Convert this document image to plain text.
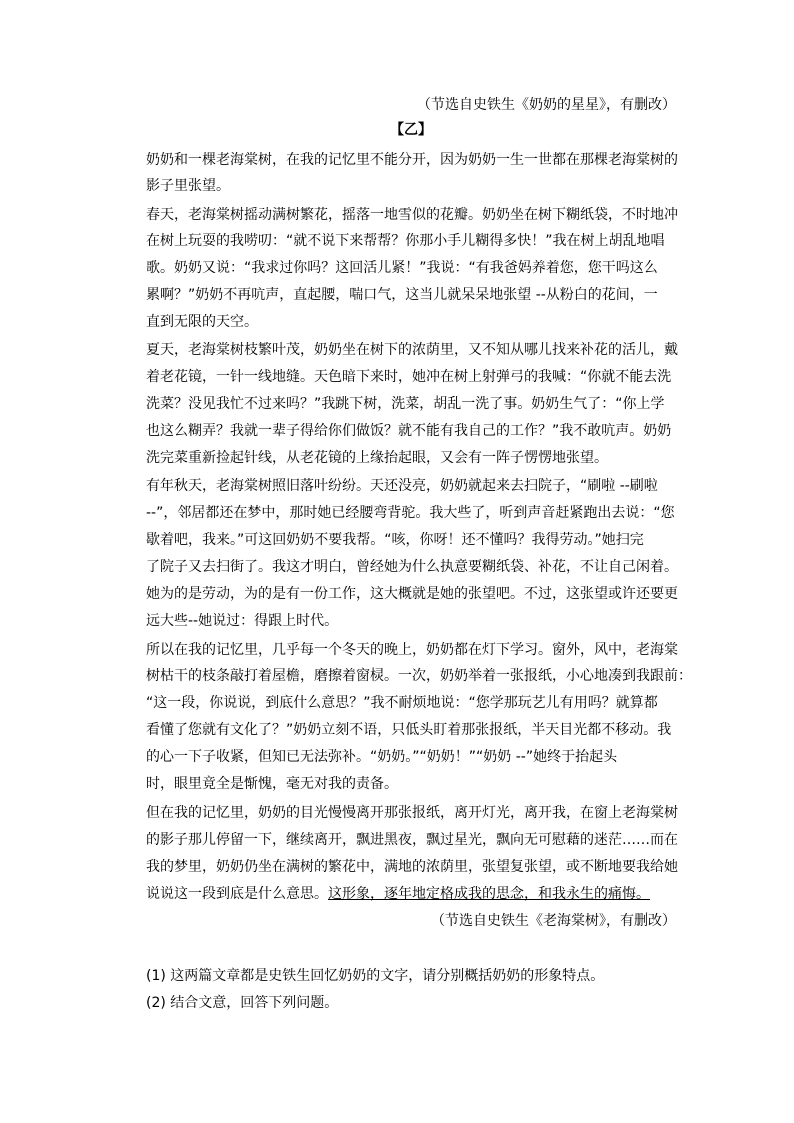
（节选自史铁生《奶奶的星星》，有删改）
【乙】
奶奶和一棵老海棠树，在我的记忆里不能分开，因为奶奶一生一世都在那棵老海棠树的
影子里张望。
春天，老海棠树摇动满树繁花，摇落一地雪似的花瓣。奶奶坐在树下糊纸袋，不时地冲
在树上玩耍的我唠叨：“就不说下来帮帮？你那小手儿糊得多快！”我在树上胡乱地唱
歌。奶奶又说：“我求过你吗？这回活儿紧！”我说：“有我爸妈养着您，您干吗这么
累啊？”奶奶不再吭声，直起腰，喘口气，这当儿就呆呆地张望 --从粉白的花间，一
直到无限的天空。
夏天，老海棠树枝繁叶茂，奶奶坐在树下的浓荫里，又不知从哪儿找来补花的活儿，戴
着老花镜，一针一线地缝。天色暗下来时，她冲在树上射弹弓的我喊：“你就不能去洗
洗菜？没见我忙不过来吗？”我跳下树，洗菜，胡乱一洗了事。奶奶生气了：“你上学
也这么糊弄？我就一辈子得给你们做饭？就不能有我自己的工作？”我不敢吭声。奶奶
洗完菜重新捡起针线，从老花镜的上缘抬起眼，又会有一阵子愣愣地张望。
有年秋天，老海棠树照旧落叶纷纷。天还没亮，奶奶就起来去扫院子，“刷啦 --刷啦
--”，邻居都还在梦中，那时她已经腰弯背驼。我大些了，听到声音赶紧跑出去说：“您
歇着吧，我来。”可这回奶奶不要我帮。“咳，你呀！还不懂吗？我得劳动。”她扫完
了院子又去扫街了。我这才明白，曾经她为什么执意要糊纸袋、补花，不让自己闲着。
她为的是劳动，为的是有一份工作，这大概就是她的张望吧。不过，这张望或许还要更
远大些--她说过：得跟上时代。
所以在我的记忆里，几乎每一个冬天的晚上，奶奶都在灯下学习。窗外，风中，老海棠
树枯干的枝条敲打着屋檐，磨擦着窗棂。一次，奶奶举着一张报纸，小心地凑到我跟前：
“这一段，你说说，到底什么意思？”我不耐烦地说：“您学那玩艺儿有用吗？就算都
看懂了您就有文化了？”奶奶立刻不语，只低头盯着那张报纸，半天目光都不移动。我
的心一下子收紧，但知已无法弥补。“奶奶。”“奶奶！”“奶奶 --”她终于抬起头
时，眼里竟全是惭愧，毫无对我的责备。
但在我的记忆里，奶奶的目光慢慢离开那张报纸，离开灯光，离开我，在窗上老海棠树
的影子那儿停留一下，继续离开，飘进黑夜，飘过星光，飘向无可慰藉的迷茫……而在
我的梦里，奶奶仍坐在满树的繁花中，满地的浓荫里，张望复张望，或不断地要我给她
说说这一段到底是什么意思。这形象，逐年地定格成我的思念，和我永生的痛悔。
（节选自史铁生《老海棠树》，有删改）
(1) 这两篇文章都是史铁生回忆奶奶的文字，请分别概括奶奶的形象特点。
(2) 结合文意，回答下列问题。
